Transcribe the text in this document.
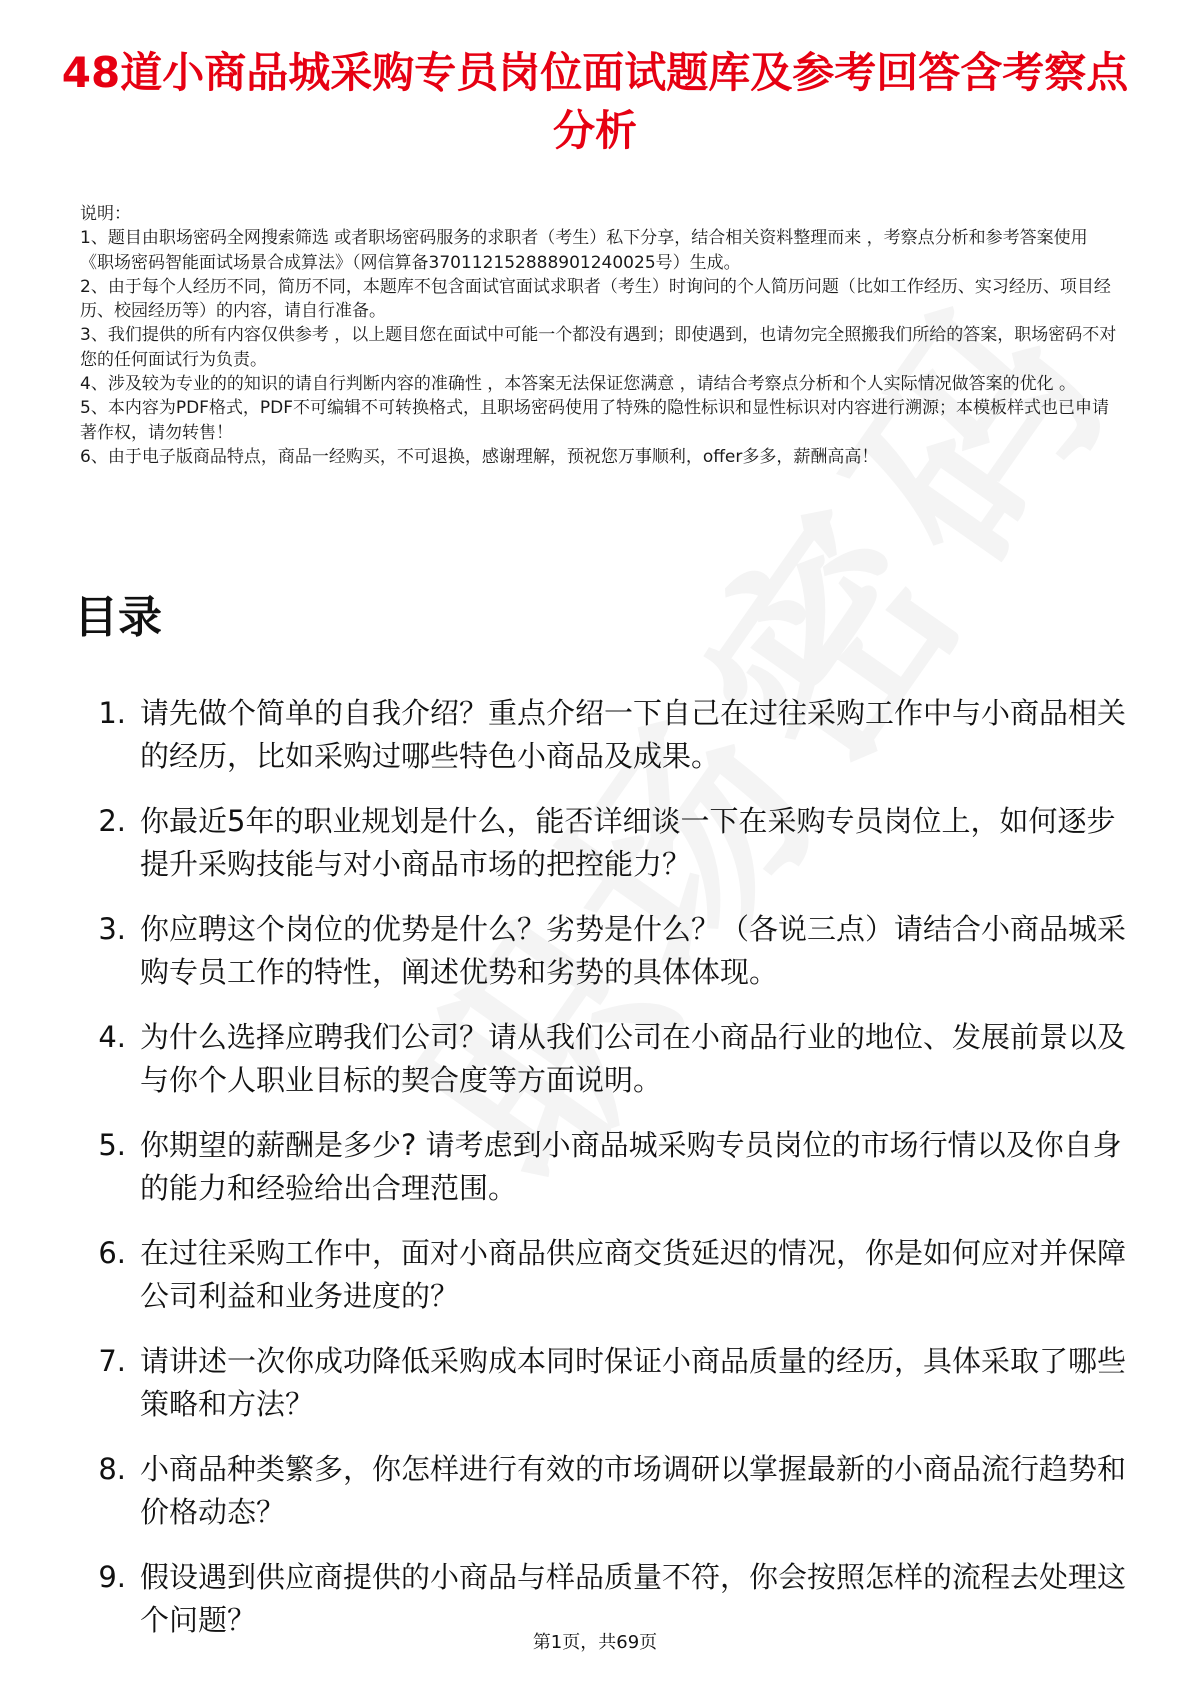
48道小商品城采购专员岗位面试题库及参考回答含考察点分析

说明：

1、题目由职场密码全网搜索筛选 或者职场密码服务的求职者（考生）私下分享，结合相关资料整理而来 ，考察点分析和参考答案使用《职场密码智能面试场景合成算法》（网信算备370112152888901240025号）生成。

2、由于每个人经历不同，简历不同，本题库不包含面试官面试求职者（考生）时询问的个人简历问题（比如工作经历、实习经历、项目经历、校园经历等）的内容，请自行准备。

3、我们提供的所有内容仅供参考 ，以上题目您在面试中可能一个都没有遇到；即使遇到，也请勿完全照搬我们所给的答案，职场密码不对您的任何面试行为负责。

4、涉及较为专业的的知识的请自行判断内容的准确性 ，本答案无法保证您满意 ，请结合考察点分析和个人实际情况做答案的优化 。

5、本内容为PDF格式，PDF不可编辑不可转换格式，且职场密码使用了特殊的隐性标识和显性标识对内容进行溯源；本模板样式也已申请著作权，请勿转售！

6、由于电子版商品特点，商品一经购买，不可退换，感谢理解，预祝您万事顺利，offer多多，薪酬高高！

目录
1. 请先做个简单的自我介绍？重点介绍一下自己在过往采购工作中与小商品相关的经历，比如采购过哪些特色小商品及成果。
2. 你最近5年的职业规划是什么，能否详细谈一下在采购专员岗位上，如何逐步提升采购技能与对小商品市场的把控能力？
3. 你应聘这个岗位的优势是什么？劣势是什么？（各说三点）请结合小商品城采购专员工作的特性，阐述优势和劣势的具体体现。
4. 为什么选择应聘我们公司？请从我们公司在小商品行业的地位、发展前景以及与你个人职业目标的契合度等方面说明。
5. 你期望的薪酬是多少? 请考虑到小商品城采购专员岗位的市场行情以及你自身的能力和经验给出合理范围。
6. 在过往采购工作中，面对小商品供应商交货延迟的情况，你是如何应对并保障公司利益和业务进度的？
7. 请讲述一次你成功降低采购成本同时保证小商品质量的经历，具体采取了哪些策略和方法？
8. 小商品种类繁多，你怎样进行有效的市场调研以掌握最新的小商品流行趋势和价格动态？
9. 假设遇到供应商提供的小商品与样品质量不符，你会按照怎样的流程去处理这个问题？
第1页，共69页
